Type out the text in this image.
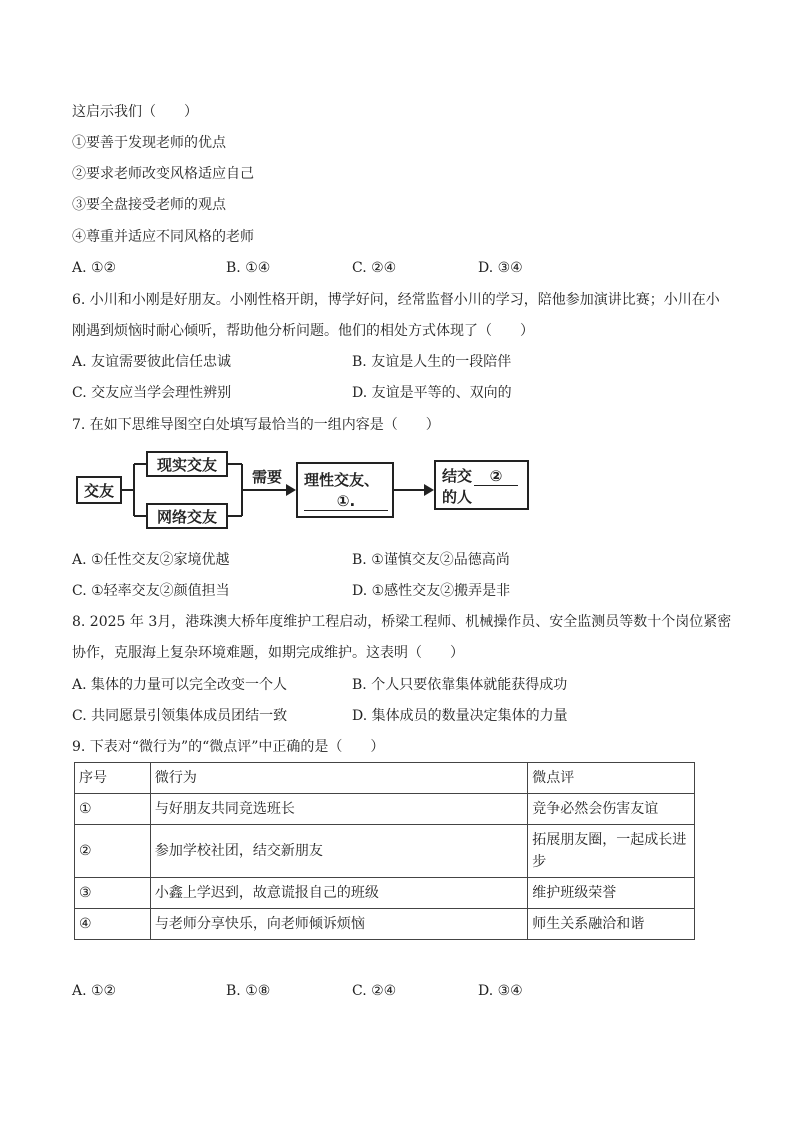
这启示我们（　　）
①要善于发现老师的优点
②要求老师改变风格适应自己
③要全盘接受老师的观点
④尊重并适应不同风格的老师
A. ①②	B. ①④	C. ②④	D. ③④
6. 小川和小刚是好朋友。小刚性格开朗，博学好问，经常监督小川的学习，陪他参加演讲比赛；小川在小
刚遇到烦恼时耐心倾听，帮助他分析问题。他们的相处方式体现了（　　）
A. 友谊需要彼此信任忠诚	B. 友谊是人生的一段陪伴
C. 交友应当学会理性辨别	D. 友谊是平等的、双向的
7. 在如下思维导图空白处填写最恰当的一组内容是（　　）
交友
现实交友
网络交友
需要 理性交友、
①.
结交 ②
的人
A. ①任性交友②家境优越	B. ①谨慎交友②品德高尚
C. ①轻率交友②颜值担当	D. ①感性交友②搬弄是非
8. 2025 年 3月，港珠澳大桥年度维护工程启动，桥梁工程师、机械操作员、安全监测员等数十个岗位紧密
协作，克服海上复杂环境难题，如期完成维护。这表明（　　）
A. 集体的力量可以完全改变一个人	B. 个人只要依靠集体就能获得成功
C. 共同愿景引领集体成员团结一致	D. 集体成员的数量决定集体的力量
9. 下表对“微行为”的“微点评”中正确的是（　　）
序号	微行为	微点评
①	与好朋友共同竞选班长	竞争必然会伤害友谊
②	参加学校社团，结交新朋友	拓展朋友圈，一起成长进步
③	小鑫上学迟到，故意谎报自己的班级	维护班级荣誉
④	与老师分享快乐，向老师倾诉烦恼	师生关系融洽和谐
A. ①②	B. ①⑧	C. ②④	D. ③④
